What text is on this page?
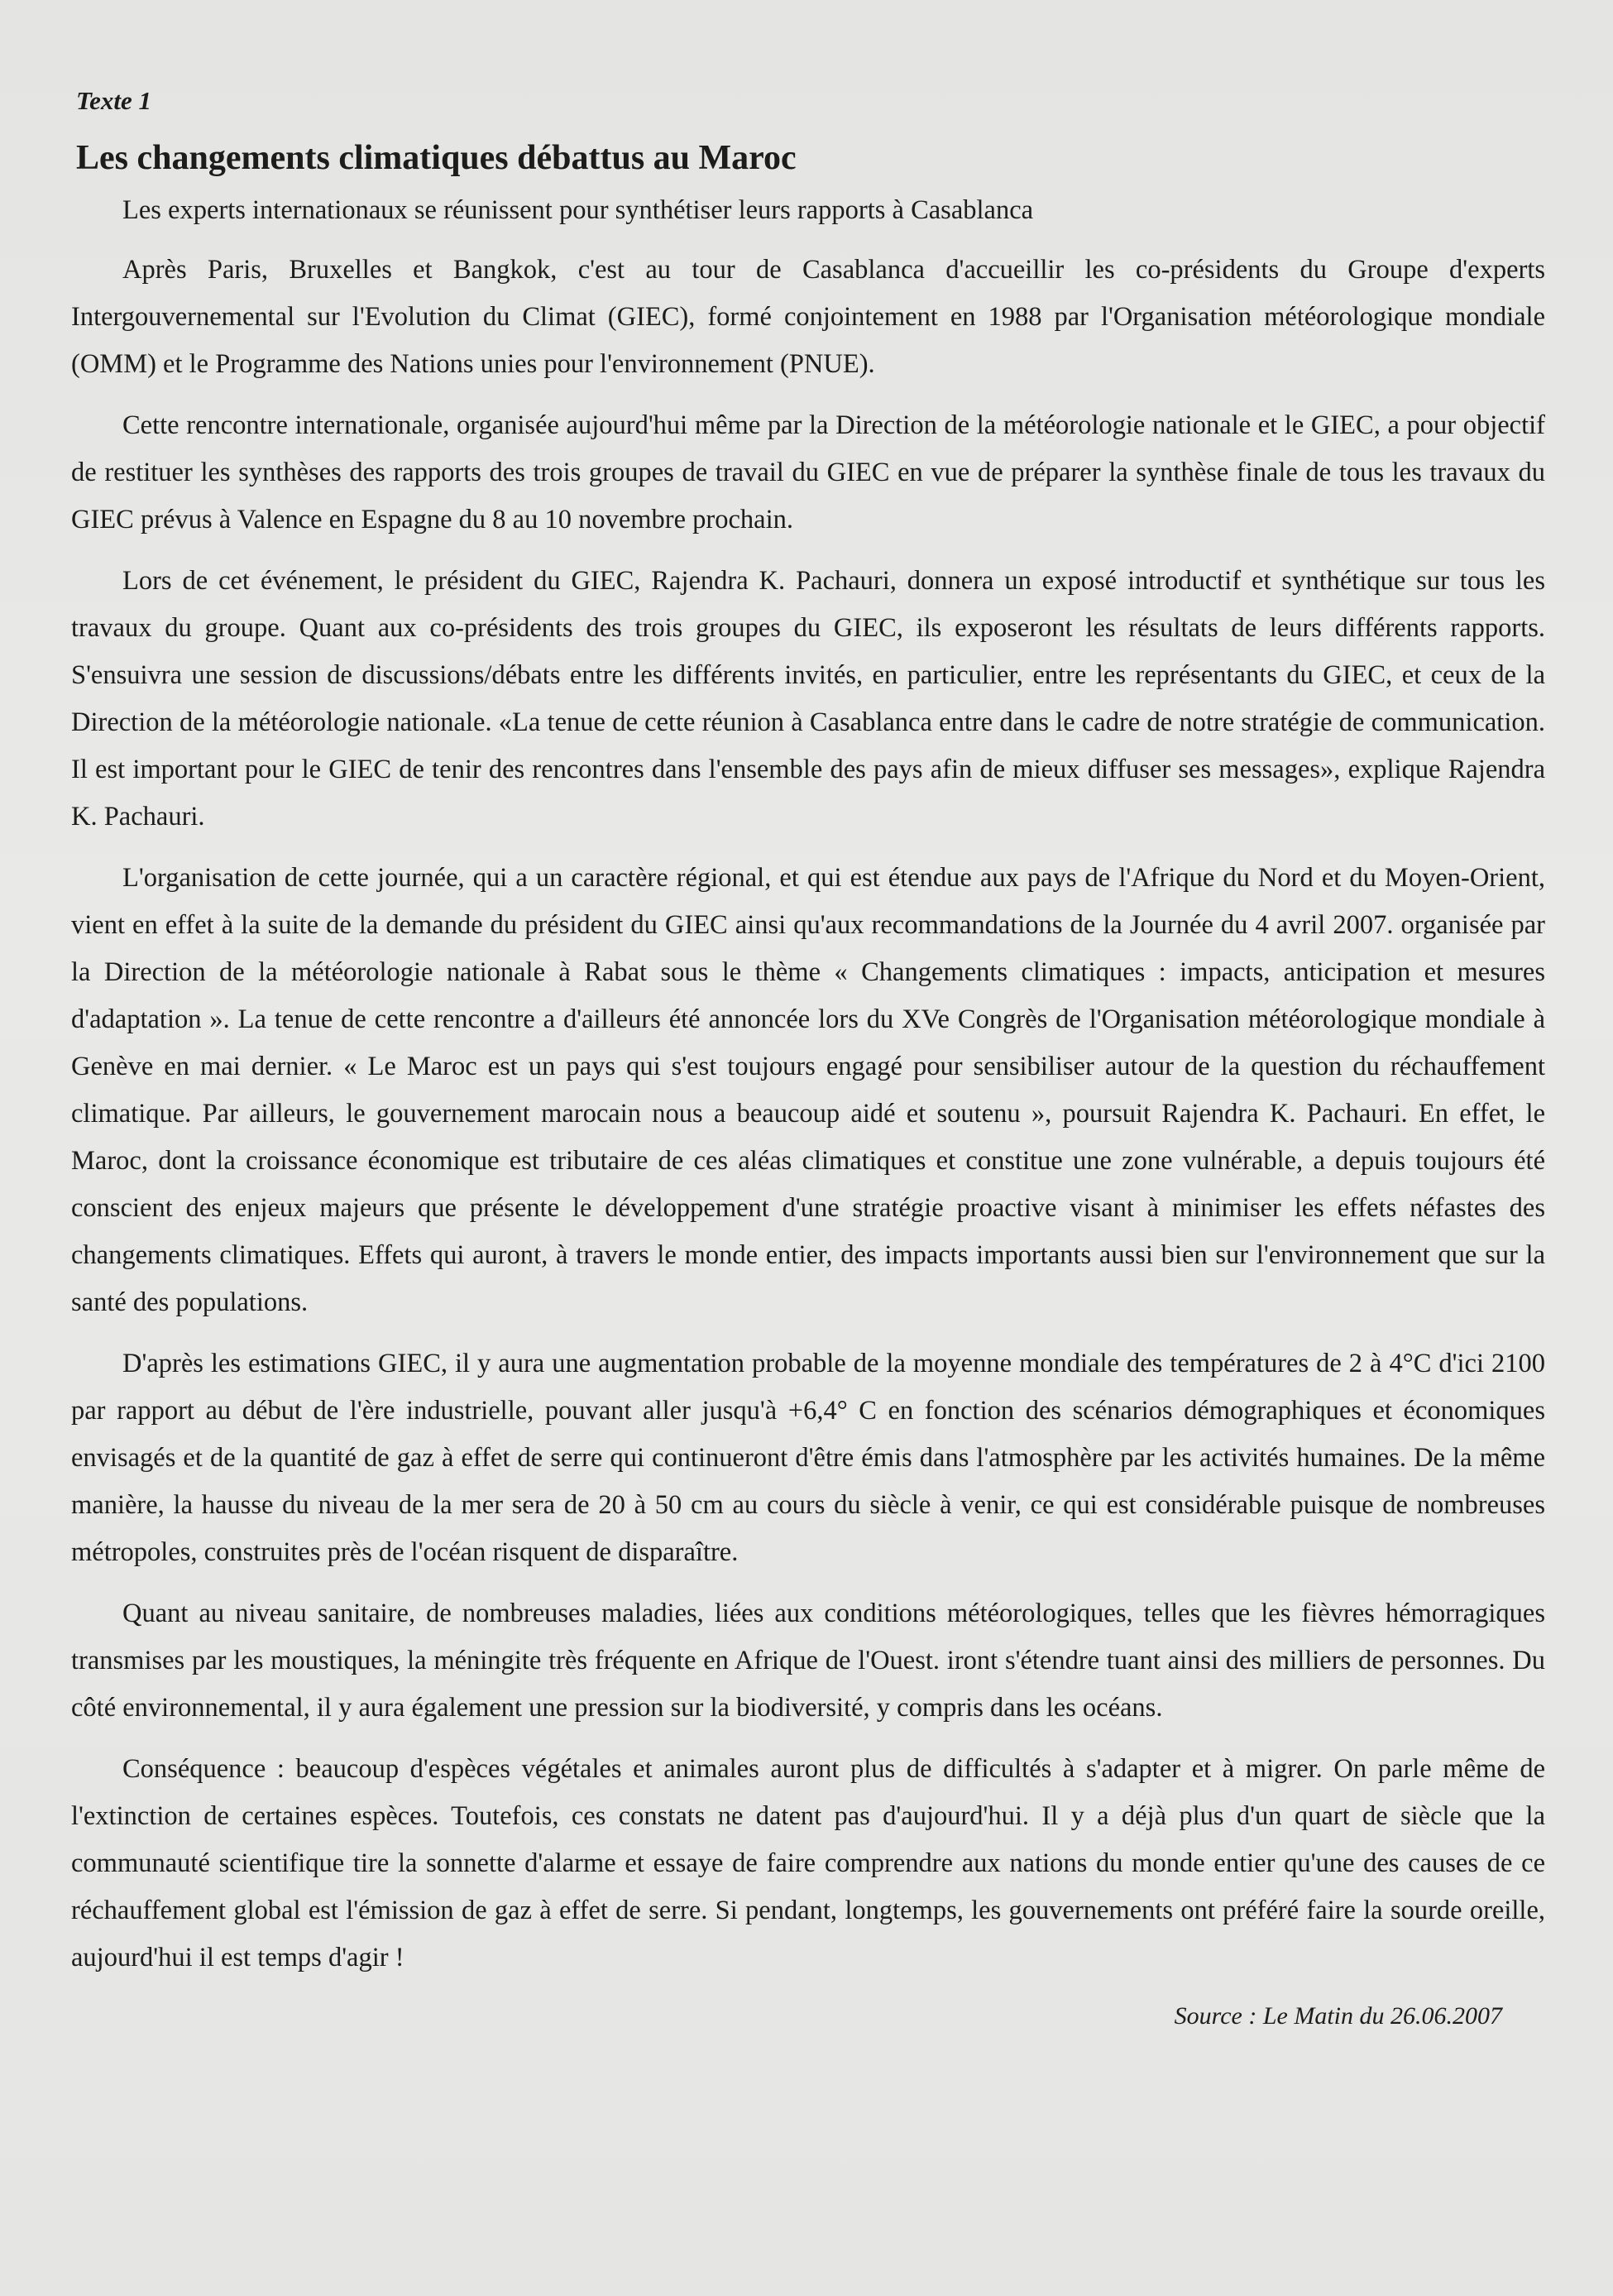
Texte 1
Les changements climatiques débattus au Maroc
Les experts internationaux se réunissent pour synthétiser leurs rapports à Casablanca

Après Paris, Bruxelles et Bangkok, c'est au tour de Casablanca d'accueillir les co-présidents du Groupe d'experts Intergouvernemental sur l'Evolution du Climat (GIEC), formé conjointement en 1988 par l'Organisation météorologique mondiale (OMM) et le Programme des Nations unies pour l'environnement (PNUE).

Cette rencontre internationale, organisée aujourd'hui même par la Direction de la météorologie nationale et le GIEC, a pour objectif de restituer les synthèses des rapports des trois groupes de travail du GIEC en vue de préparer la synthèse finale de tous les travaux du GIEC prévus à Valence en Espagne du 8 au 10 novembre prochain.

Lors de cet événement, le président du GIEC, Rajendra K. Pachauri, donnera un exposé introductif et synthétique sur tous les travaux du groupe. Quant aux co-présidents des trois groupes du GIEC, ils exposeront les résultats de leurs différents rapports. S'ensuivra une session de discussions/débats entre les différents invités, en particulier, entre les représentants du GIEC, et ceux de la Direction de la météorologie nationale. «La tenue de cette réunion à Casablanca entre dans le cadre de notre stratégie de communication. Il est important pour le GIEC de tenir des rencontres dans l'ensemble des pays afin de mieux diffuser ses messages», explique Rajendra K. Pachauri.

L'organisation de cette journée, qui a un caractère régional, et qui est étendue aux pays de l'Afrique du Nord et du Moyen-Orient, vient en effet à la suite de la demande du président du GIEC ainsi qu'aux recommandations de la Journée du 4 avril 2007. organisée par la Direction de la météorologie nationale à Rabat sous le thème « Changements climatiques : impacts, anticipation et mesures d'adaptation ». La tenue de cette rencontre a d'ailleurs été annoncée lors du XVe Congrès de l'Organisation météorologique mondiale à Genève en mai dernier. « Le Maroc est un pays qui s'est toujours engagé pour sensibiliser autour de la question du réchauffement climatique. Par ailleurs, le gouvernement marocain nous a beaucoup aidé et soutenu », poursuit Rajendra K. Pachauri. En effet, le Maroc, dont la croissance économique est tributaire de ces aléas climatiques et constitue une zone vulnérable, a depuis toujours été conscient des enjeux majeurs que présente le développement d'une stratégie proactive visant à minimiser les effets néfastes des changements climatiques. Effets qui auront, à travers le monde entier, des impacts importants aussi bien sur l'environnement que sur la santé des populations.

D'après les estimations GIEC, il y aura une augmentation probable de la moyenne mondiale des températures de 2 à 4°C d'ici 2100 par rapport au début de l'ère industrielle, pouvant aller jusqu'à +6,4° C en fonction des scénarios démographiques et économiques envisagés et de la quantité de gaz à effet de serre qui continueront d'être émis dans l'atmosphère par les activités humaines. De la même manière, la hausse du niveau de la mer sera de 20 à 50 cm au cours du siècle à venir, ce qui est considérable puisque de nombreuses métropoles, construites près de l'océan risquent de disparaître.

Quant au niveau sanitaire, de nombreuses maladies, liées aux conditions météorologiques, telles que les fièvres hémorragiques transmises par les moustiques, la méningite très fréquente en Afrique de l'Ouest. iront s'étendre tuant ainsi des milliers de personnes. Du côté environnemental, il y aura également une pression sur la biodiversité, y compris dans les océans.

Conséquence : beaucoup d'espèces végétales et animales auront plus de difficultés à s'adapter et à migrer. On parle même de l'extinction de certaines espèces. Toutefois, ces constats ne datent pas d'aujourd'hui. Il y a déjà plus d'un quart de siècle que la communauté scientifique tire la sonnette d'alarme et essaye de faire comprendre aux nations du monde entier qu'une des causes de ce réchauffement global est l'émission de gaz à effet de serre. Si pendant, longtemps, les gouvernements ont préféré faire la sourde oreille, aujourd'hui il est temps d'agir !

Source : Le Matin du 26.06.2007
